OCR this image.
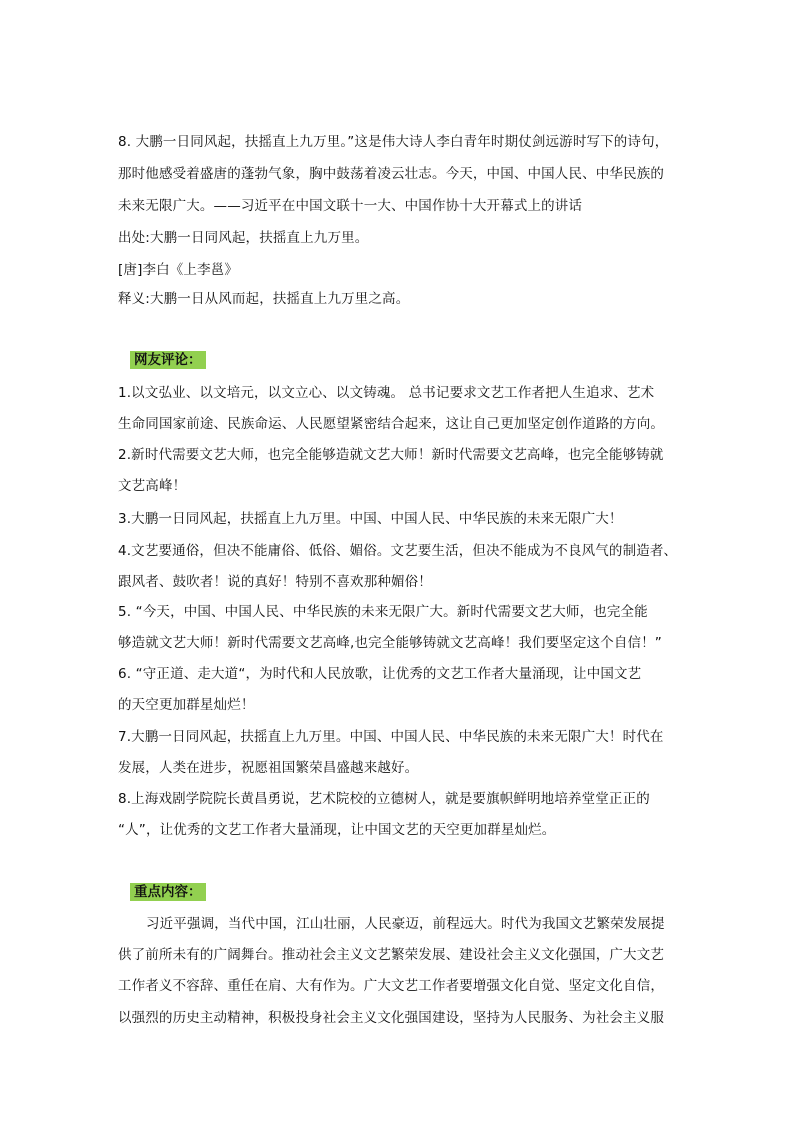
8. 大鹏一日同风起，扶摇直上九万里。”这是伟大诗人李白青年时期仗剑远游时写下的诗句，
那时他感受着盛唐的蓬勃气象，胸中鼓荡着凌云壮志。今天，中国、中国人民、中华民族的
未来无限广大。——习近平在中国文联十一大、中国作协十大开幕式上的讲话
出处:大鹏一日同风起，扶摇直上九万里。
[唐]李白《上李邕》
释义:大鹏一日从风而起，扶摇直上九万里之高。
网友评论：
1.以文弘业、以文培元，以文立心、以文铸魂。 总书记要求文艺工作者把人生追求、艺术
生命同国家前途、民族命运、人民愿望紧密结合起来，这让自己更加坚定创作道路的方向。
2.新时代需要文艺大师，也完全能够造就文艺大师！新时代需要文艺高峰，也完全能够铸就
文艺高峰！
3.大鹏一日同风起，扶摇直上九万里。中国、中国人民、中华民族的未来无限广大！
4.文艺要通俗，但决不能庸俗、低俗、媚俗。文艺要生活，但决不能成为不良风气的制造者、
跟风者、鼓吹者！说的真好！特别不喜欢那种媚俗！
5. “今天，中国、中国人民、中华民族的未来无限广大。新时代需要文艺大师，也完全能
够造就文艺大师！新时代需要文艺高峰,也完全能够铸就文艺高峰！我们要坚定这个自信！”
6. “守正道、走大道“，为时代和人民放歌，让优秀的文艺工作者大量涌现，让中国文艺
的天空更加群星灿烂！
7.大鹏一日同风起，扶摇直上九万里。中国、中国人民、中华民族的未来无限广大！时代在
发展，人类在进步，祝愿祖国繁荣昌盛越来越好。
8.上海戏剧学院院长黄昌勇说，艺术院校的立德树人，就是要旗帜鲜明地培养堂堂正正的
“人”，让优秀的文艺工作者大量涌现，让中国文艺的天空更加群星灿烂。
重点内容：
习近平强调，当代中国，江山壮丽，人民豪迈，前程远大。时代为我国文艺繁荣发展提
供了前所未有的广阔舞台。推动社会主义文艺繁荣发展、建设社会主义文化强国，广大文艺
工作者义不容辞、重任在肩、大有作为。广大文艺工作者要增强文化自觉、坚定文化自信，
以强烈的历史主动精神，积极投身社会主义文化强国建设，坚持为人民服务、为社会主义服
